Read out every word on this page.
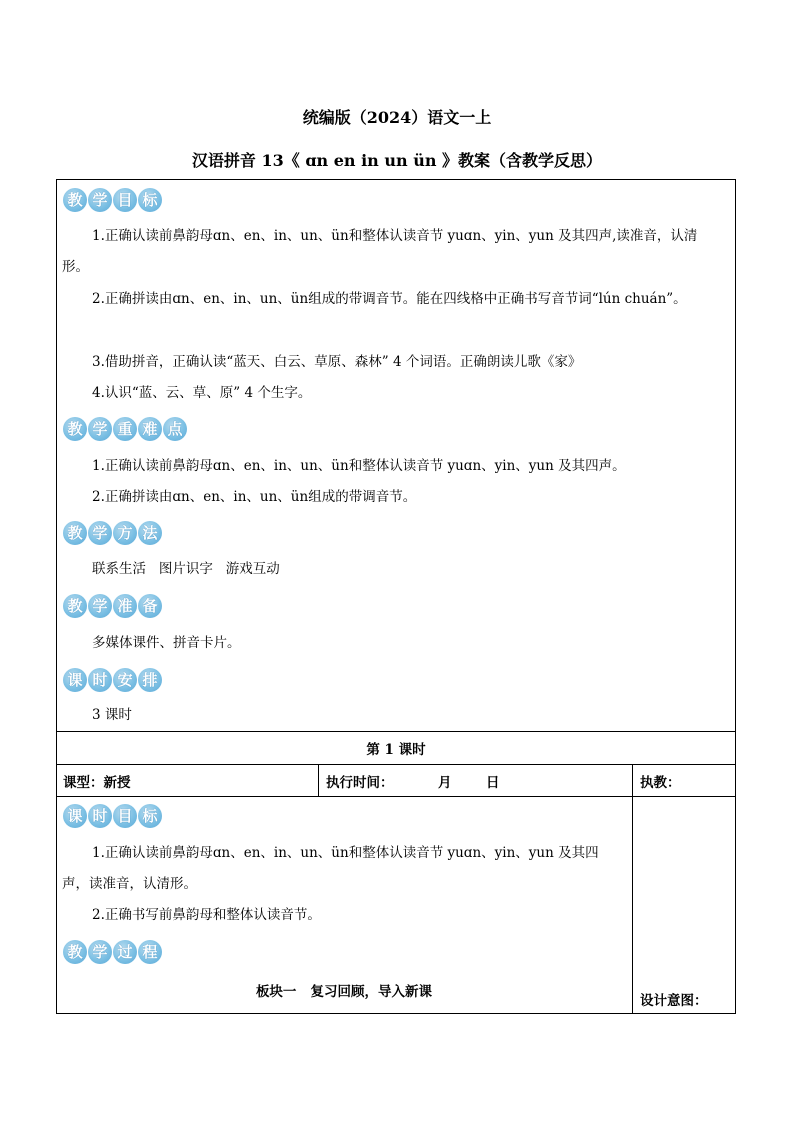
统编版（2024）语文一上
汉语拼音 13《 ɑn en in un ün 》教案（含教学反思）
教 学 目 标
1.正确认读前鼻韵母ɑn、en、in、un、ün和整体认读音节 yuɑn、yin、yun 及其四声,读准音，认清形。
2.正确拼读由ɑn、en、in、un、ün组成的带调音节。能在四线格中正确书写音节词“lún chuán”。
3.借助拼音，正确认读“蓝天、白云、草原、森林” 4 个词语。正确朗读儿歌《家》
4.认识“蓝、云、草、原” 4 个生字。
教 学 重 难 点
1.正确认读前鼻韵母ɑn、en、in、un、ün和整体认读音节 yuɑn、yin、yun 及其四声。
2.正确拼读由ɑn、en、in、un、ün组成的带调音节。
教 学 方 法
联系生活   图片识字   游戏互动
教 学 准 备
多媒体课件、拼音卡片。
课 时 安 排
3 课时
第 1 课时
课型：新授	执行时间：	月	日	执教：
课 时 目 标
1.正确认读前鼻韵母ɑn、en、in、un、ün和整体认读音节 yuɑn、yin、yun 及其四声，读准音，认清形。
2.正确书写前鼻韵母和整体认读音节。
教 学 过 程
板块一   复习回顾，导入新课
设计意图：
